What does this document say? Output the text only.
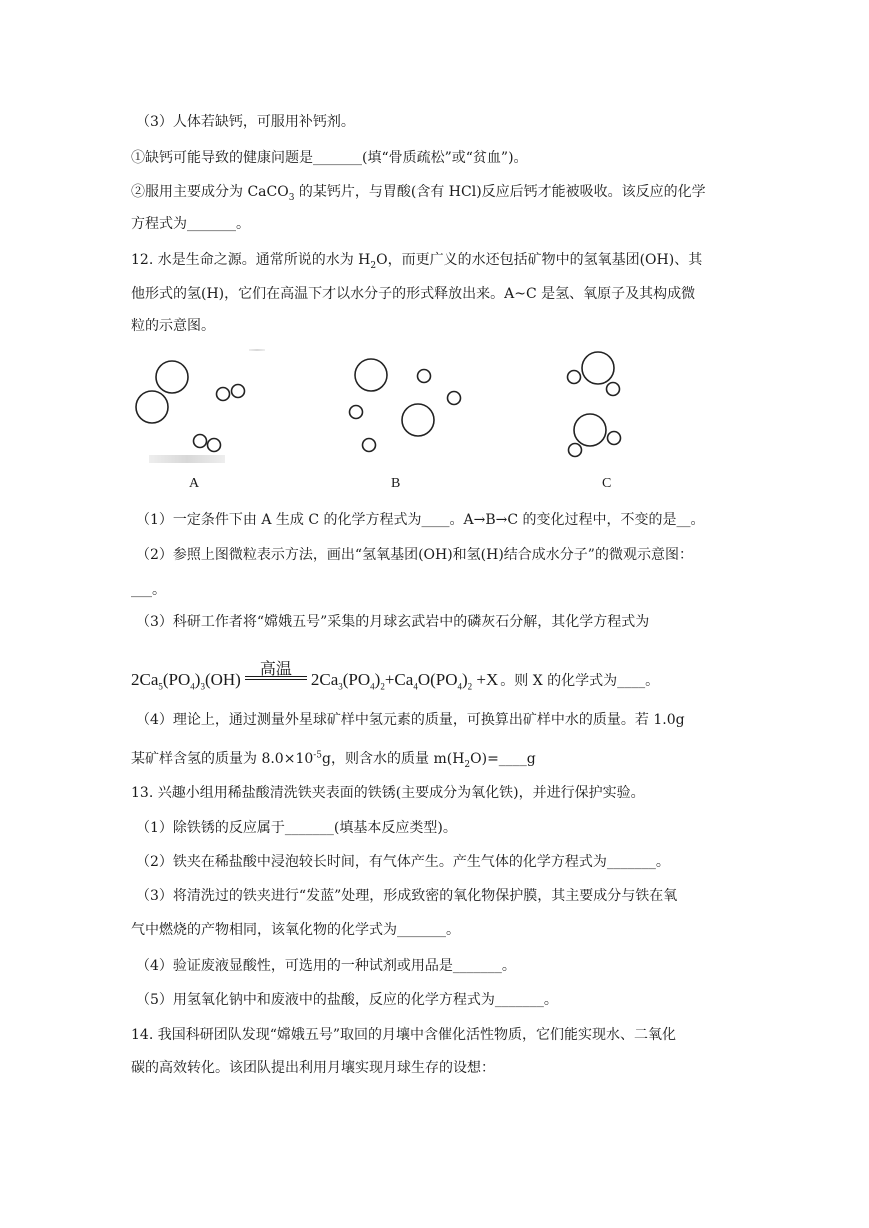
（3）人体若缺钙，可服用补钙剂。
①缺钙可能导致的健康问题是_______(填“骨质疏松”或“贫血”)。
②服用主要成分为 CaCO$_3$ 的某钙片，与胃酸(含有 HCl)反应后钙才能被吸收。该反应的化学
方程式为_______。
12. 水是生命之源。通常所说的水为 $H_2O$，而更广义的水还包括矿物中的氢氧基团(OH)、其
他形式的氢(H)，它们在高温下才以水分子的形式释放出来。A~C 是氢、氧原子及其构成微
粒的示意图。
A	B	C
（1）一定条件下由 A 生成 C 的化学方程式为____。A→B→C 的变化过程中，不变的是__。
（2）参照上图微粒表示方法，画出“氢氧基团(OH)和氢(H)结合成水分子”的微观示意图：
___。
（3）科研工作者将“嫦娥五号”采集的月球玄武岩中的磷灰石分解，其化学方程式为
$2Ca_5(PO_4)_3(OH)$
高温
$2Ca_3(PO_4)_2+Ca_4O(PO_4)_2 +X$ 。则 X 的化学式为____。
（4）理论上，通过测量外星球矿样中氢元素的质量，可换算出矿样中水的质量。若 1.0g
某矿样含氢的质量为 $8.0\times 10^{-5}g$，则含水的质量 $m(H_2O)=\_\_\_\_g$
13. 兴趣小组用稀盐酸清洗铁夹表面的铁锈(主要成分为氧化铁)，并进行保护实验。
（1）除铁锈的反应属于_______(填基本反应类型)。
（2）铁夹在稀盐酸中浸泡较长时间，有气体产生。产生气体的化学方程式为_______。
（3）将清洗过的铁夹进行“发蓝”处理，形成致密的氧化物保护膜，其主要成分与铁在氧
气中燃烧的产物相同，该氧化物的化学式为_______。
（4）验证废液显酸性，可选用的一种试剂或用品是_______。
（5）用氢氧化钠中和废液中的盐酸，反应的化学方程式为_______。
14. 我国科研团队发现“嫦娥五号”取回的月壤中含催化活性物质，它们能实现水、二氧化
碳的高效转化。该团队提出利用月壤实现月球生存的设想：
